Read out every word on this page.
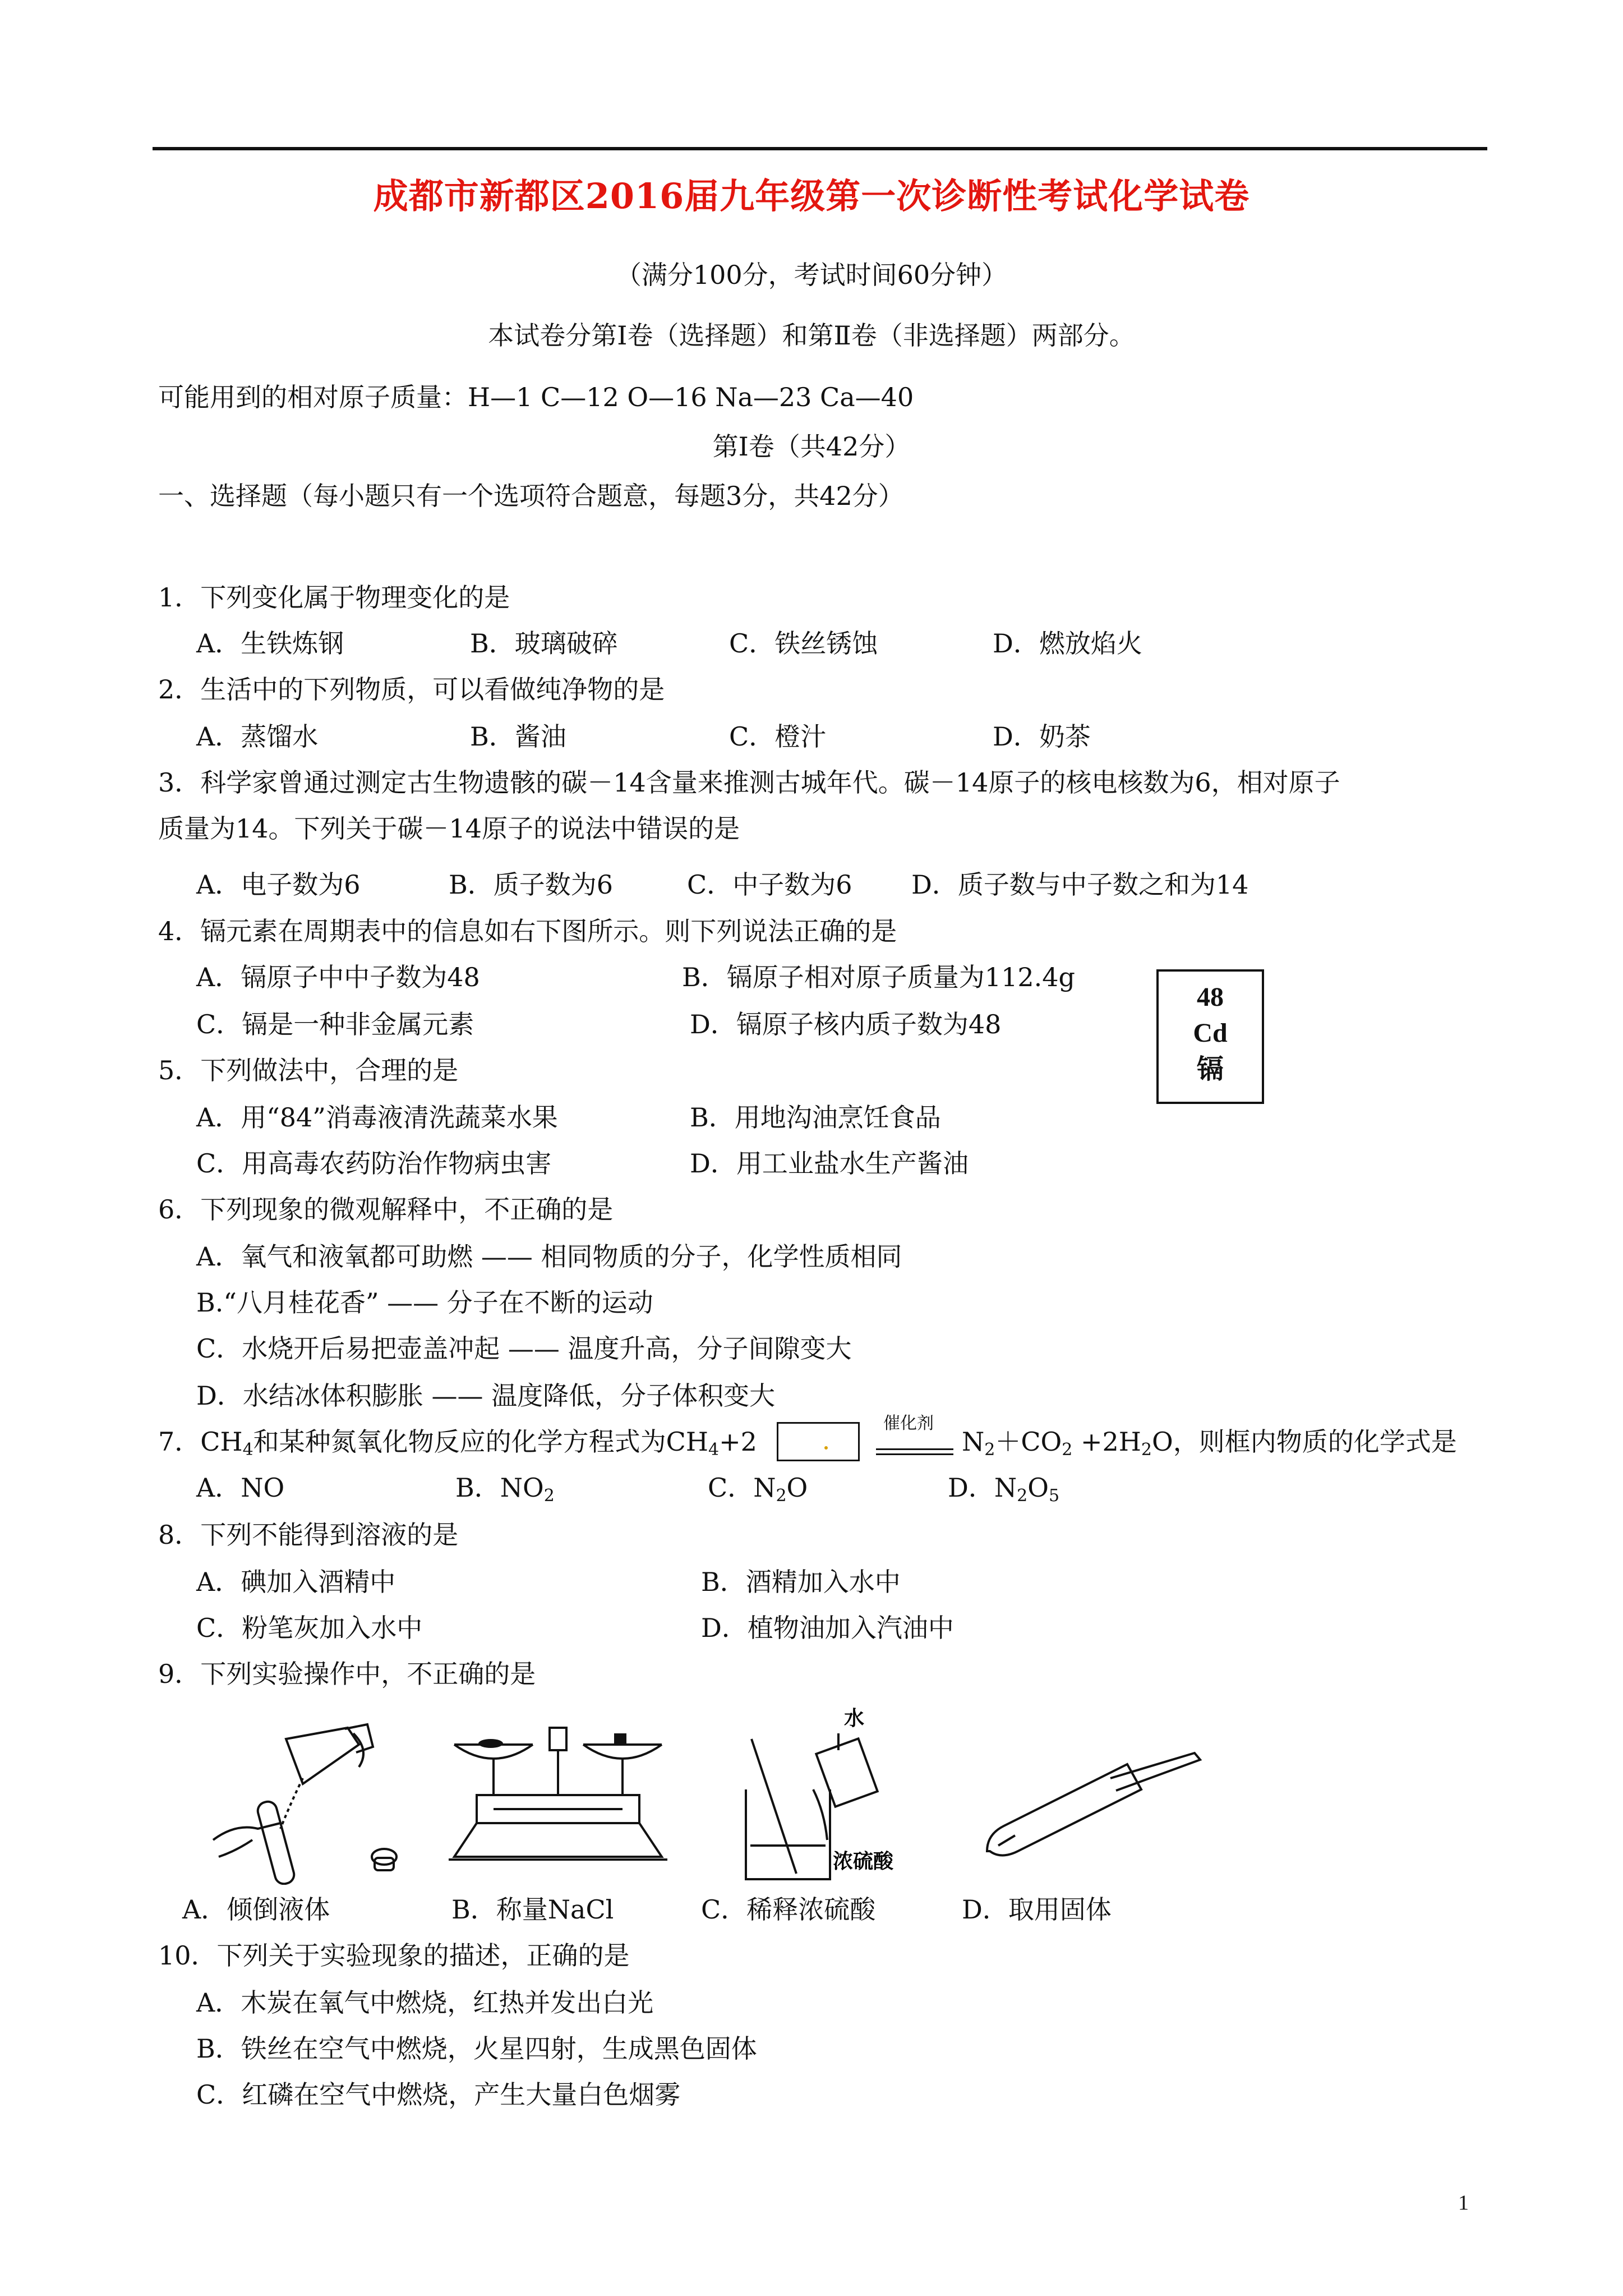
成都市新都区2016届九年级第一次诊断性考试化学试卷
（满分100分，考试时间60分钟）
本试卷分第Ⅰ卷（选择题）和第Ⅱ卷（非选择题）两部分。
可能用到的相对原子质量：H—1 C—12 O—16 Na—23 Ca—40
第Ⅰ卷（共42分）
一、选择题（每小题只有一个选项符合题意，每题3分，共42分）
1．下列变化属于物理变化的是
A．生铁炼钢	B．玻璃破碎	C．铁丝锈蚀	D．燃放焰火
2．生活中的下列物质，可以看做纯净物的是
A．蒸馏水	B．酱油	C．橙汁	D．奶茶
3．科学家曾通过测定古生物遗骸的碳－14含量来推测古城年代。碳－14原子的核电核数为6，相对原子
质量为14。下列关于碳－14原子的说法中错误的是
A．电子数为6	B．质子数为6	C．中子数为6 D．质子数与中子数之和为14
4．镉元素在周期表中的信息如右下图所示。则下列说法正确的是
A．镉原子中中子数为48	B．镉原子相对原子质量为112.4g
C．镉是一种非金属元素	D．镉原子核内质子数为48
48
Cd
镉
5．下列做法中，合理的是
A．用“84”消毒液清洗蔬菜水果	B．用地沟油烹饪食品
C．用高毒农药防治作物病虫害	D．用工业盐水生产酱油
6．下列现象的微观解释中，不正确的是
A．氧气和液氧都可助燃 —— 相同物质的分子，化学性质相同
B.“八月桂花香” —— 分子在不断的运动
C．水烧开后易把壶盖冲起 —— 温度升高，分子间隙变大
D．水结冰体积膨胀 —— 温度降低，分子体积变大
7．$CH_4$和某种氮氧化物反应的化学方程式为$CH_4+2$
催化剂
$N_2+CO_2 +2H_2O$，则框内物质的化学式是
A．NO	B．$NO_2$	C．$N_2O$	D．$N_2O_5$
8．下列不能得到溶液的是
A．碘加入酒精中	B．酒精加入水中
C．粉笔灰加入水中	D．植物油加入汽油中
9．下列实验操作中，不正确的是
水
浓硫酸
A．倾倒液体	B．称量NaCl	C．稀释浓硫酸	D．取用固体
10．下列关于实验现象的描述，正确的是
A．木炭在氧气中燃烧，红热并发出白光
B．铁丝在空气中燃烧，火星四射，生成黑色固体
C．红磷在空气中燃烧，产生大量白色烟雾
1
